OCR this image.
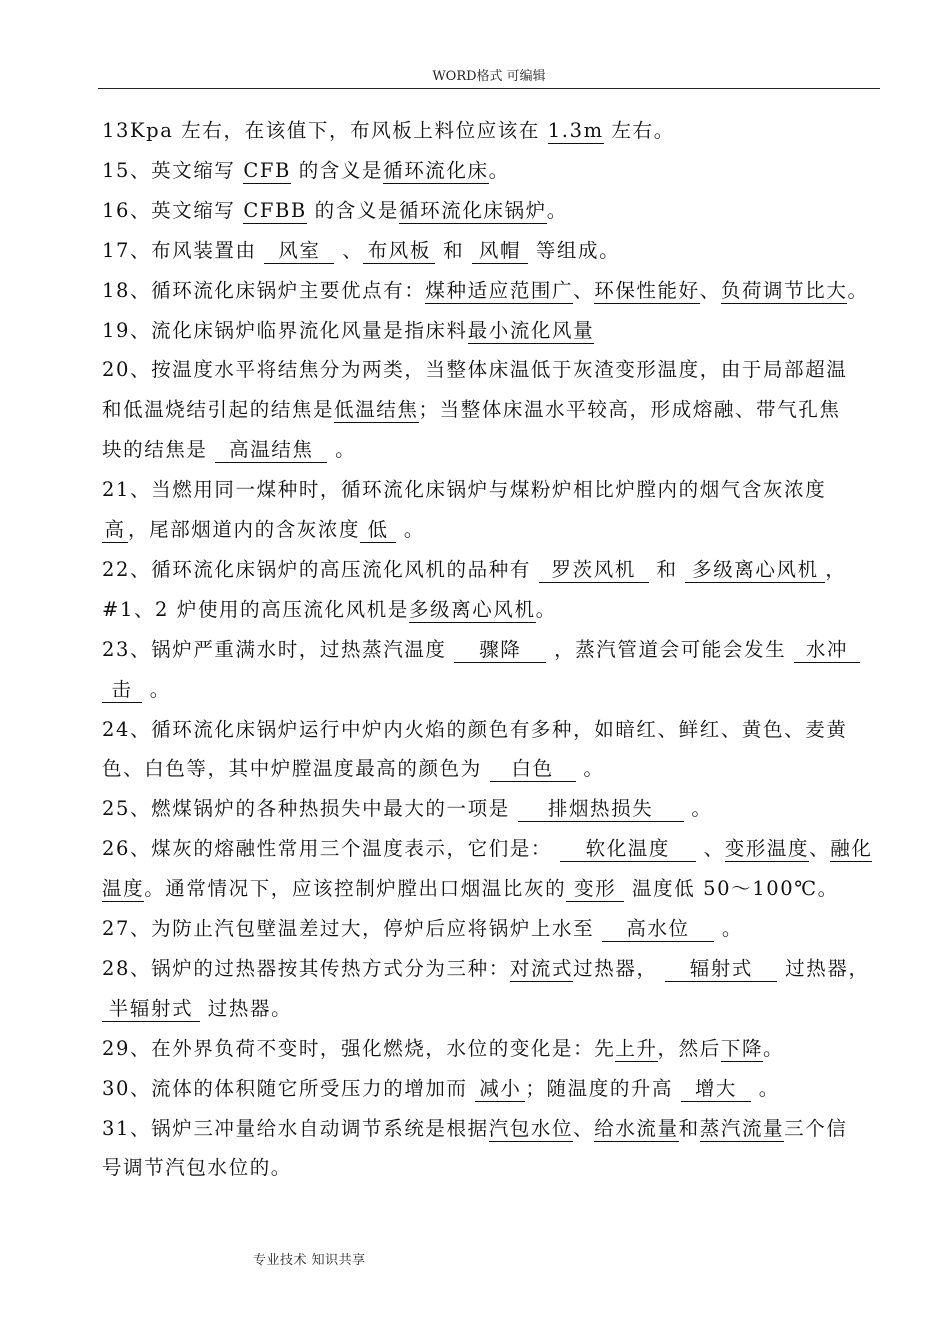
WORD格式 可编辑
13Kpa 左右，在该值下，布风板上料位应该在 1.3m 左右。
15、英文缩写 CFB 的含义是循环流化床。
16、英文缩写 CFBB 的含义是循环流化床锅炉。
17、布风装置由 风室 、 布风板 和 风帽 等组成。
18、循环流化床锅炉主要优点有：煤种适应范围广、环保性能好、负荷调节比大。
19、流化床锅炉临界流化风量是指床料最小流化风量
20、按温度水平将结焦分为两类，当整体床温低于灰渣变形温度，由于局部超温
和低温烧结引起的结焦是低温结焦；当整体床温水平较高，形成熔融、带气孔焦
块的结焦是 高温结焦 。
21、当燃用同一煤种时，循环流化床锅炉与煤粉炉相比炉膛内的烟气含灰浓度
高 ，尾部烟道内的含灰浓度 低 。
22、循环流化床锅炉的高压流化风机的品种有 罗茨风机 和 多级离心风机 ，
#1、2 炉使用的高压流化风机是多级离心风机。
23、锅炉严重满水时，过热蒸汽温度 骤降 ，蒸汽管道会可能会发生 水冲
击 。
24、循环流化床锅炉运行中炉内火焰的颜色有多种，如暗红、鲜红、黄色、麦黄
色、白色等，其中炉膛温度最高的颜色为 白色 。
25、燃煤锅炉的各种热损失中最大的一项是 排烟热损失 。
26、煤灰的熔融性常用三个温度表示，它们是： 软化温度 、变形温度、融化
温度。通常情况下，应该控制炉膛出口烟温比灰的 变形 温度低 50～100℃。
27、为防止汽包壁温差过大，停炉后应将锅炉上水至 高水位 。
28、锅炉的过热器按其传热方式分为三种：对流式过热器， 辐射式 过热器，
半辐射式 过热器。
29、在外界负荷不变时，强化燃烧，水位的变化是：先上升，然后下降。
30、流体的体积随它所受压力的增加而 减小 ；随温度的升高 增大 。
31、锅炉三冲量给水自动调节系统是根据汽包水位、给水流量和蒸汽流量三个信
号调节汽包水位的。
专业技术 知识共享
